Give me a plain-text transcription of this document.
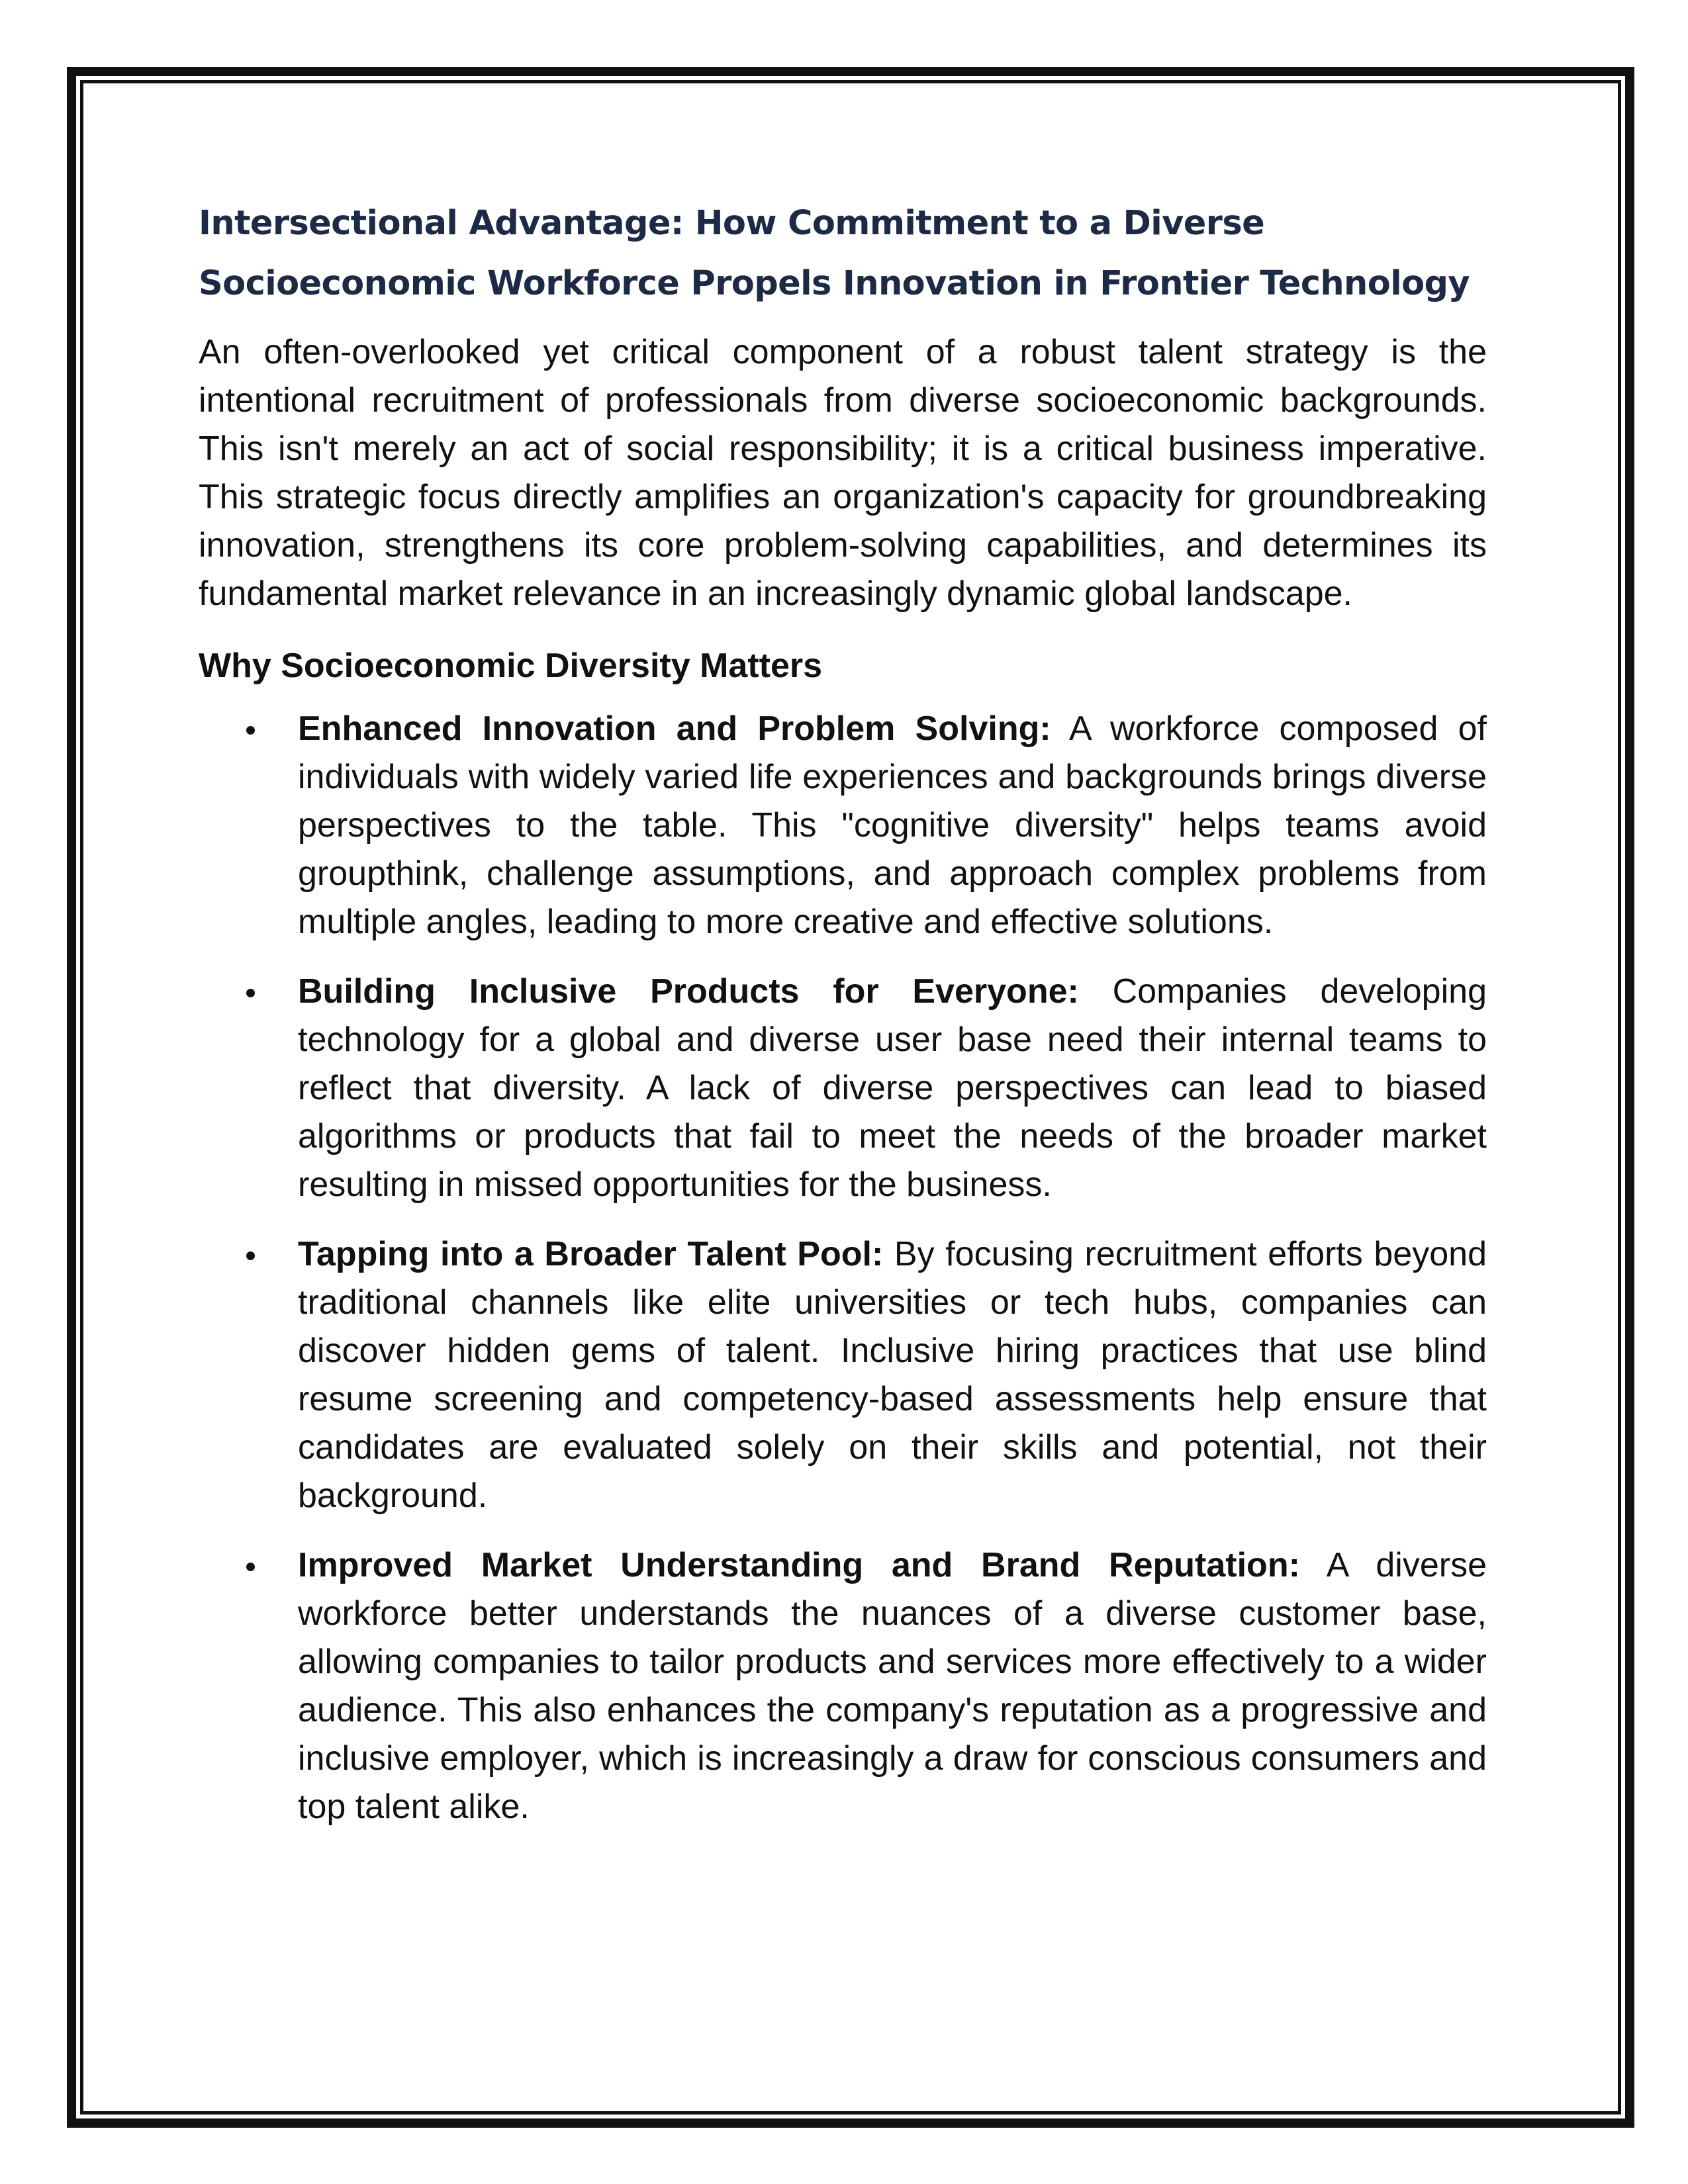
Intersectional Advantage: How Commitment to a Diverse
Socioeconomic Workforce Propels Innovation in Frontier Technology

An often-overlooked yet critical component of a robust talent strategy is the intentional recruitment of professionals from diverse socioeconomic backgrounds. This isn't merely an act of social responsibility; it is a critical business imperative. This strategic focus directly amplifies an organization's capacity for groundbreaking innovation, strengthens its core problem-solving capabilities, and determines its fundamental market relevance in an increasingly dynamic global landscape.

Why Socioeconomic Diversity Matters
Enhanced Innovation and Problem Solving: A workforce composed of individuals with widely varied life experiences and backgrounds brings diverse perspectives to the table. This "cognitive diversity" helps teams avoid groupthink, challenge assumptions, and approach complex problems from multiple angles, leading to more creative and effective solutions.
Building Inclusive Products for Everyone: Companies developing technology for a global and diverse user base need their internal teams to reflect that diversity. A lack of diverse perspectives can lead to biased algorithms or products that fail to meet the needs of the broader market resulting in missed opportunities for the business.
Tapping into a Broader Talent Pool: By focusing recruitment efforts beyond traditional channels like elite universities or tech hubs, companies can discover hidden gems of talent. Inclusive hiring practices that use blind resume screening and competency-based assessments help ensure that candidates are evaluated solely on their skills and potential, not their background.
Improved Market Understanding and Brand Reputation: A diverse workforce better understands the nuances of a diverse customer base, allowing companies to tailor products and services more effectively to a wider audience. This also enhances the company's reputation as a progressive and inclusive employer, which is increasingly a draw for conscious consumers and top talent alike.
